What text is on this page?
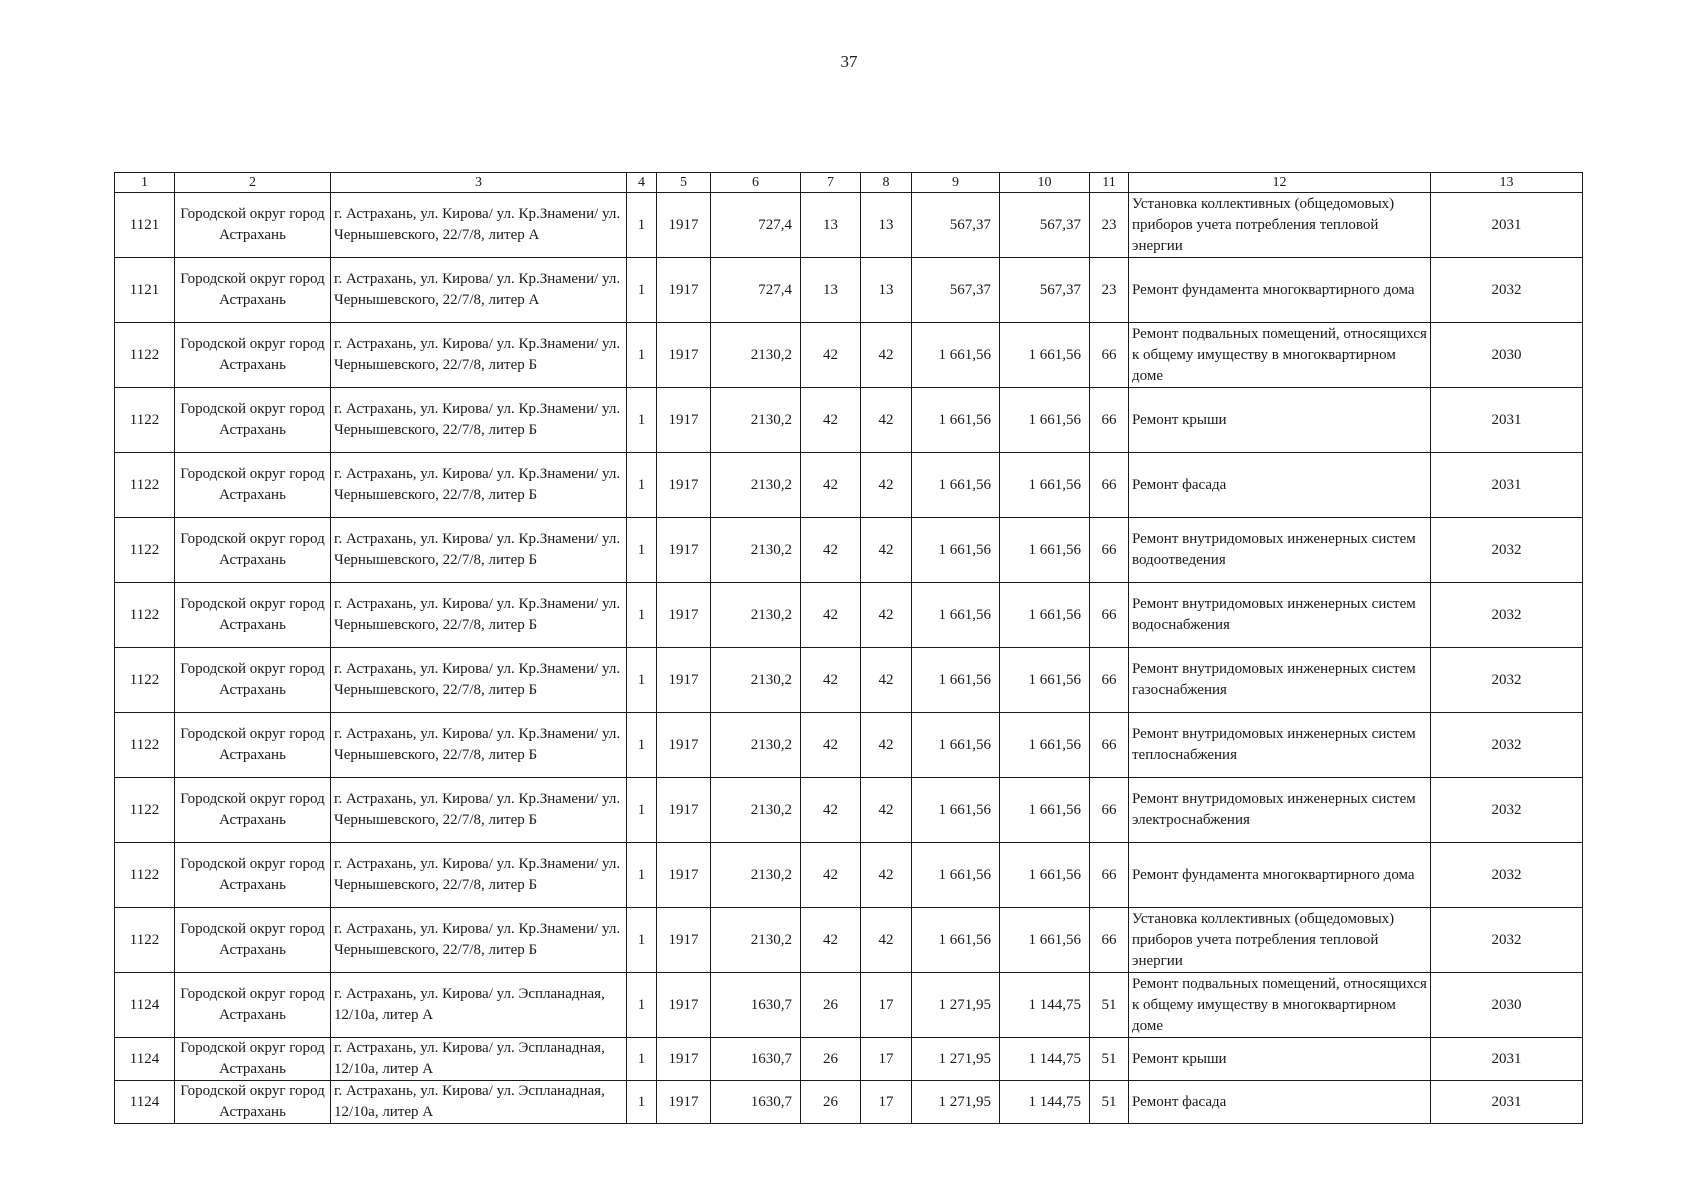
37
1	2	3	4	5	6	7	8	9	10	11	12	13
1121	Городской округ город Астрахань	г. Астрахань, ул. Кирова/ ул. Кр.Знамени/ ул. Чернышевского, 22/7/8, литер А	1	1917	727,4	13	13	567,37	567,37	23	Установка коллективных (общедомовых) приборов учета потребления тепловой энергии	2031
1121	Городской округ город Астрахань	г. Астрахань, ул. Кирова/ ул. Кр.Знамени/ ул. Чернышевского, 22/7/8, литер А	1	1917	727,4	13	13	567,37	567,37	23	Ремонт фундамента многоквартирного дома	2032
1122	Городской округ город Астрахань	г. Астрахань, ул. Кирова/ ул. Кр.Знамени/ ул. Чернышевского, 22/7/8, литер Б	1	1917	2130,2	42	42	1 661,56	1 661,56	66	Ремонт подвальных помещений, относящихся к общему имуществу в многоквартирном доме	2030
1122	Городской округ город Астрахань	г. Астрахань, ул. Кирова/ ул. Кр.Знамени/ ул. Чернышевского, 22/7/8, литер Б	1	1917	2130,2	42	42	1 661,56	1 661,56	66	Ремонт крыши	2031
1122	Городской округ город Астрахань	г. Астрахань, ул. Кирова/ ул. Кр.Знамени/ ул. Чернышевского, 22/7/8, литер Б	1	1917	2130,2	42	42	1 661,56	1 661,56	66	Ремонт фасада	2031
1122	Городской округ город Астрахань	г. Астрахань, ул. Кирова/ ул. Кр.Знамени/ ул. Чернышевского, 22/7/8, литер Б	1	1917	2130,2	42	42	1 661,56	1 661,56	66	Ремонт внутридомовых инженерных систем водоотведения	2032
1122	Городской округ город Астрахань	г. Астрахань, ул. Кирова/ ул. Кр.Знамени/ ул. Чернышевского, 22/7/8, литер Б	1	1917	2130,2	42	42	1 661,56	1 661,56	66	Ремонт внутридомовых инженерных систем водоснабжения	2032
1122	Городской округ город Астрахань	г. Астрахань, ул. Кирова/ ул. Кр.Знамени/ ул. Чернышевского, 22/7/8, литер Б	1	1917	2130,2	42	42	1 661,56	1 661,56	66	Ремонт внутридомовых инженерных систем газоснабжения	2032
1122	Городской округ город Астрахань	г. Астрахань, ул. Кирова/ ул. Кр.Знамени/ ул. Чернышевского, 22/7/8, литер Б	1	1917	2130,2	42	42	1 661,56	1 661,56	66	Ремонт внутридомовых инженерных систем теплоснабжения	2032
1122	Городской округ город Астрахань	г. Астрахань, ул. Кирова/ ул. Кр.Знамени/ ул. Чернышевского, 22/7/8, литер Б	1	1917	2130,2	42	42	1 661,56	1 661,56	66	Ремонт внутридомовых инженерных систем электроснабжения	2032
1122	Городской округ город Астрахань	г. Астрахань, ул. Кирова/ ул. Кр.Знамени/ ул. Чернышевского, 22/7/8, литер Б	1	1917	2130,2	42	42	1 661,56	1 661,56	66	Ремонт фундамента многоквартирного дома	2032
1122	Городской округ город Астрахань	г. Астрахань, ул. Кирова/ ул. Кр.Знамени/ ул. Чернышевского, 22/7/8, литер Б	1	1917	2130,2	42	42	1 661,56	1 661,56	66	Установка коллективных (общедомовых) приборов учета потребления тепловой энергии	2032
1124	Городской округ город Астрахань	г. Астрахань, ул. Кирова/ ул. Эспланадная, 12/10а, литер А	1	1917	1630,7	26	17	1 271,95	1 144,75	51	Ремонт подвальных помещений, относящихся к общему имуществу в многоквартирном доме	2030
1124	Городской округ город Астрахань	г. Астрахань, ул. Кирова/ ул. Эспланадная, 12/10а, литер А	1	1917	1630,7	26	17	1 271,95	1 144,75	51	Ремонт крыши	2031
1124	Городской округ город Астрахань	г. Астрахань, ул. Кирова/ ул. Эспланадная, 12/10а, литер А	1	1917	1630,7	26	17	1 271,95	1 144,75	51	Ремонт фасада	2031
